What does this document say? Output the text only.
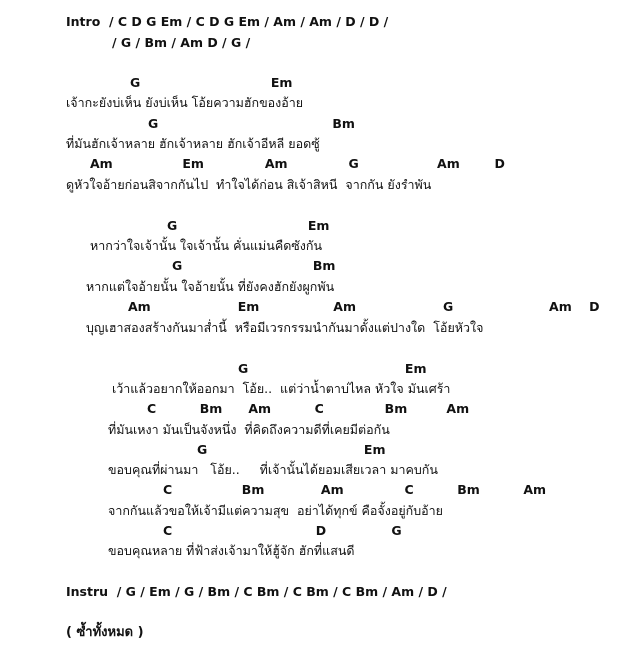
Intro  / C D G Em / C D G Em / Am / Am / D / D /
/ G / Bm / Am D / G /
G                              Em
เจ้ากะยังบ่เห็น ยังบ่เห็น โอ้ยความฮักของอ้าย
G                                        Bm
ที่มันฮักเจ้าหลาย ฮักเจ้าหลาย ฮักเจ้าอีหลี ยอดซู้
Am                Em              Am              G                  Am        D
ดูหัวใจอ้ายก่อนสิจากกันไป  ทำใจได้ก่อน สิเจ้าสิหนี  จากกัน ยังรำพัน
G                              Em
หากว่าใจเจ้านั้น ใจเจ้านั้น คั่นแม่นคืดซังกัน
G                              Bm
หากแต่ใจอ้ายนั้น ใจอ้ายนั้น ที่ยังคงฮักยังผูกพัน
Am                    Em                 Am                    G                      Am    D
บุญเฮาสองสร้างกันมาส่ำนี้  หรือมีเวรกรรมนำกันมาดั้งแต่ปางใด  โอ้ยหัวใจ
G                                    Em
เว้าแล้วอยากให้ออกมา  โอ้ย..  แต่ว่าน้ำตาบ่ไหล หัวใจ มันเศร้า
C          Bm      Am          C              Bm         Am
ที่มันเหงา มันเป็นจังหนึ่ง  ที่คิดถึงความดีที่เคยมีต่อกัน
G                                    Em
ขอบคุณที่ผ่านมา   โอ้ย..     ที่เจ้านั้นได้ยอมเสียเวลา มาคบกัน
C                Bm             Am              C          Bm          Am
จากกันแล้วขอให้เจ้ามีแต่ความสุข  อย่าได้ทุกข์ คือจั้งอยู่กับอ้าย
C                                 D               G
ขอบคุณหลาย ที่ฟ้าส่งเจ้ามาให้ฮู้จัก ฮักที่แสนดี
Instru  / G / Em / G / Bm / C Bm / C Bm / C Bm / Am / D /
( ซ้ำทั้งหมด )
